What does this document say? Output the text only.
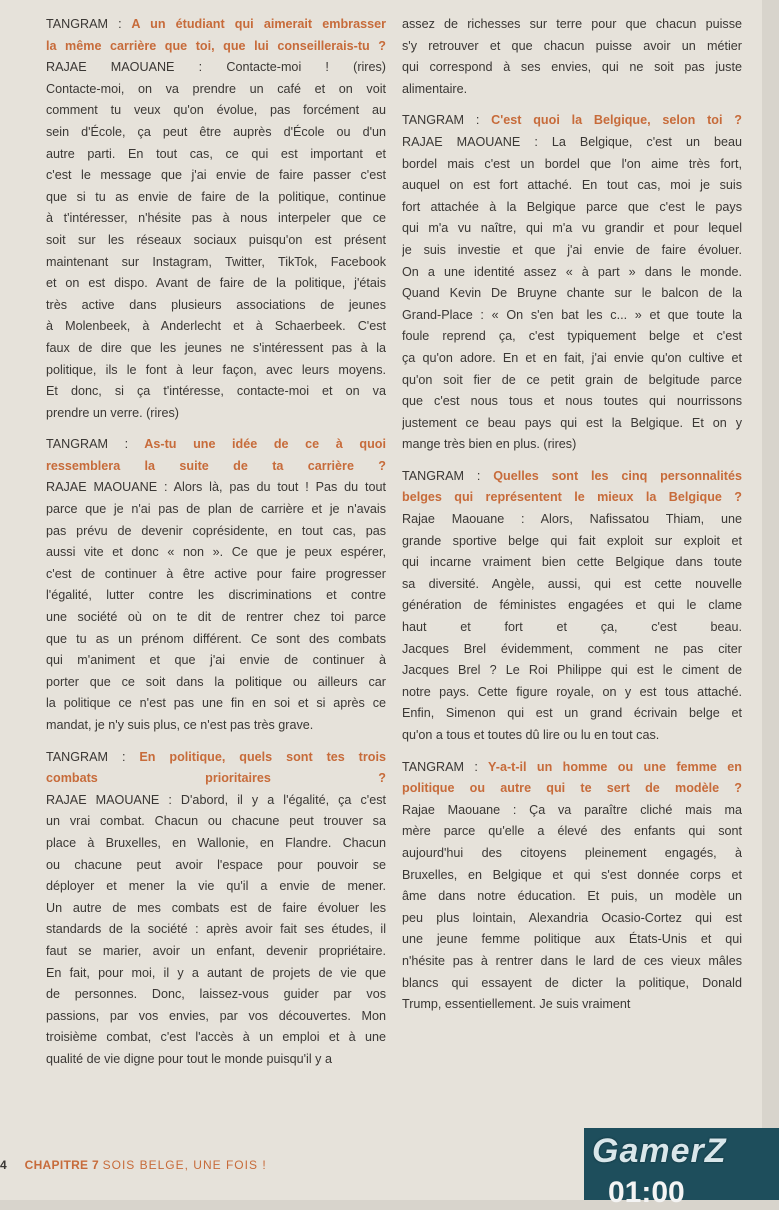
TANGRAM : A un étudiant qui aimerait embrasser
la même carrière que toi, que lui conseillerais-tu ?
RAJAE MAOUANE : Contacte-moi ! (rires)
Contacte-moi, on va prendre un café et on voit
comment tu veux qu'on évolue, pas forcément au
sein d'École, ça peut être auprès d'École ou d'un
autre parti. En tout cas, ce qui est important et
c'est le message que j'ai envie de faire passer c'est
que si tu as envie de faire de la politique, continue
à t'intéresser, n'hésite pas à nous interpeler que ce
soit sur les réseaux sociaux puisqu'on est présent
maintenant sur Instagram, Twitter, TikTok, Facebook
et on est dispo. Avant de faire de la politique, j'étais
très active dans plusieurs associations de jeunes
à Molenbeek, à Anderlecht et à Schaerbeek. C'est
faux de dire que les jeunes ne s'intéressent pas à la
politique, ils le font à leur façon, avec leurs moyens.
Et donc, si ça t'intéresse, contacte-moi et on va
prendre un verre. (rires)
TANGRAM : As-tu une idée de ce à quoi
ressemblera la suite de ta carrière ?
RAJAE MAOUANE : Alors là, pas du tout ! Pas du tout
parce que je n'ai pas de plan de carrière et je n'avais
pas prévu de devenir coprésidente, en tout cas, pas
aussi vite et donc « non ». Ce que je peux espérer,
c'est de continuer à être active pour faire progresser
l'égalité, lutter contre les discriminations et contre
une société où on te dit de rentrer chez toi parce
que tu as un prénom différent. Ce sont des combats
qui m'animent et que j'ai envie de continuer à
porter que ce soit dans la politique ou ailleurs car
la politique ce n'est pas une fin en soi et si après ce
mandat, je n'y suis plus, ce n'est pas très grave.
TANGRAM : En politique, quels sont tes trois
combats prioritaires ?
RAJAE MAOUANE : D'abord, il y a l'égalité, ça c'est
un vrai combat. Chacun ou chacune peut trouver sa
place à Bruxelles, en Wallonie, en Flandre. Chacun
ou chacune peut avoir l'espace pour pouvoir se
déployer et mener la vie qu'il a envie de mener.
Un autre de mes combats est de faire évoluer les
standards de la société : après avoir fait ses études, il
faut se marier, avoir un enfant, devenir propriétaire.
En fait, pour moi, il y a autant de projets de vie que
de personnes. Donc, laissez-vous guider par vos
passions, par vos envies, par vos découvertes. Mon
troisième combat, c'est l'accès à un emploi et à une
qualité de vie digne pour tout le monde puisqu'il y a
assez de richesses sur terre pour que chacun puisse
s'y retrouver et que chacun puisse avoir un métier
qui correspond à ses envies, qui ne soit pas juste
alimentaire.
TANGRAM : C'est quoi la Belgique, selon toi ?
RAJAE MAOUANE : La Belgique, c'est un beau
bordel mais c'est un bordel que l'on aime très fort,
auquel on est fort attaché. En tout cas, moi je suis
fort attachée à la Belgique parce que c'est le pays
qui m'a vu naître, qui m'a vu grandir et pour lequel
je suis investie et que j'ai envie de faire évoluer.
On a une identité assez « à part » dans le monde.
Quand Kevin De Bruyne chante sur le balcon de la
Grand-Place : « On s'en bat les c... » et que toute la
foule reprend ça, c'est typiquement belge et c'est
ça qu'on adore. En et en fait, j'ai envie qu'on cultive et
qu'on soit fier de ce petit grain de belgitude parce
que c'est nous tous et nous toutes qui nourrissons
justement ce beau pays qui est la Belgique. Et on y
mange très bien en plus. (rires)
TANGRAM : Quelles sont les cinq personnalités
belges qui représentent le mieux la Belgique ?
Rajae Maouane : Alors, Nafissatou Thiam, une
grande sportive belge qui fait exploit sur exploit et
qui incarne vraiment bien cette Belgique dans toute
sa diversité. Angèle, aussi, qui est cette nouvelle
génération de féministes engagées et qui le clame
haut et fort et ça, c'est beau.
Jacques Brel évidemment, comment ne pas citer
Jacques Brel ? Le Roi Philippe qui est le ciment de
notre pays. Cette figure royale, on y est tous attaché.
Enfin, Simenon qui est un grand écrivain belge et
qu'on a tous et toutes dû lire ou lu en tout cas.
TANGRAM : Y-a-t-il un homme ou une femme en
politique ou autre qui te sert de modèle ?
Rajae Maouane : Ça va paraître cliché mais ma
mère parce qu'elle a élevé des enfants qui sont
aujourd'hui des citoyens pleinement engagés, à
Bruxelles, en Belgique et qui s'est donnée corps et
âme dans notre éducation. Et puis, un modèle un
peu plus lointain, Alexandria Ocasio-Cortez qui est
une jeune femme politique aux États-Unis et qui
n'hésite pas à rentrer dans le lard de ces vieux mâles
blancs qui essayent de dicter la politique, Donald
Trump, essentiellement. Je suis vraiment
4 CHAPITRE 7 SOIS BELGE, UNE FOIS !	GamerZ
01:00
